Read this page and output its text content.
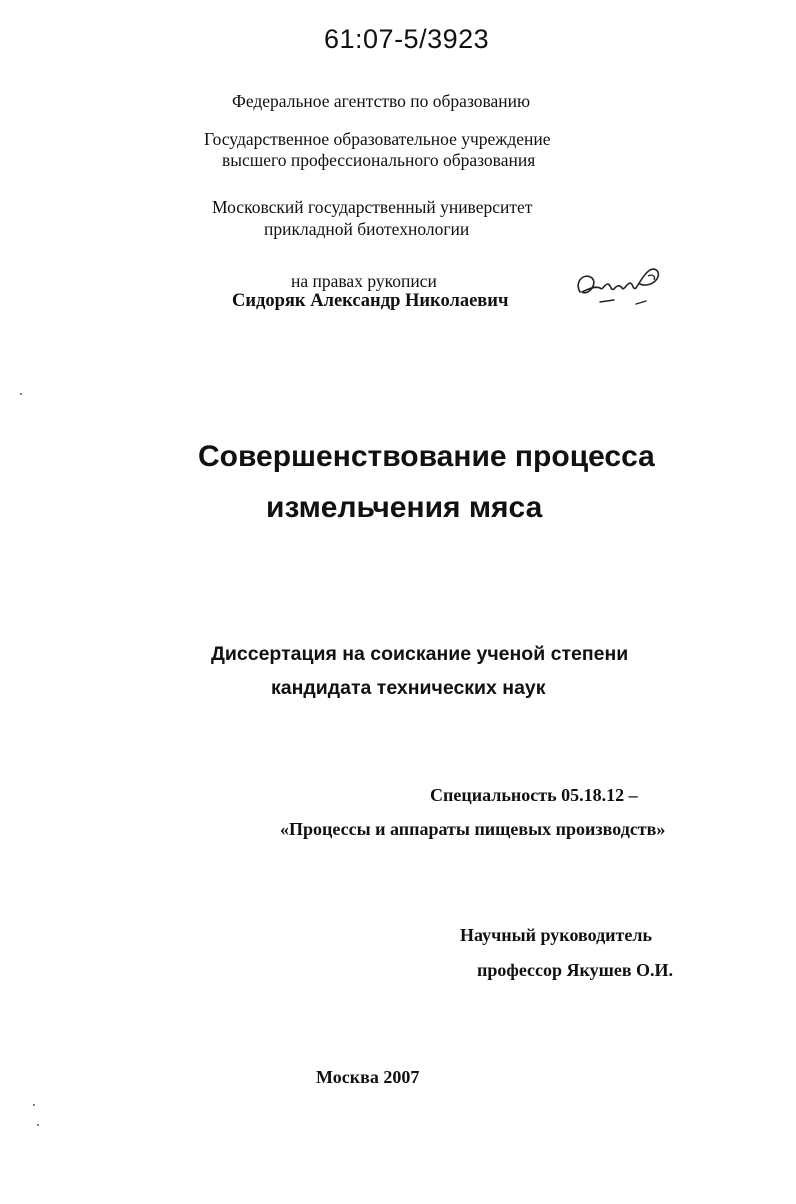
61:07-5/3923
Федеральное агентство по образованию
Государственное образовательное учреждение
высшего профессионального образования
Московский государственный университет
прикладной биотехнологии
на правах рукописи
Сидоряк Александр Николаевич
Совершенствование процесса
измельчения мяса
Диссертация на соискание ученой степени
кандидата технических наук
Специальность 05.18.12 –
«Процессы и аппараты пищевых производств»
Научный руководитель
профессор Якушев О.И.
Москва 2007
